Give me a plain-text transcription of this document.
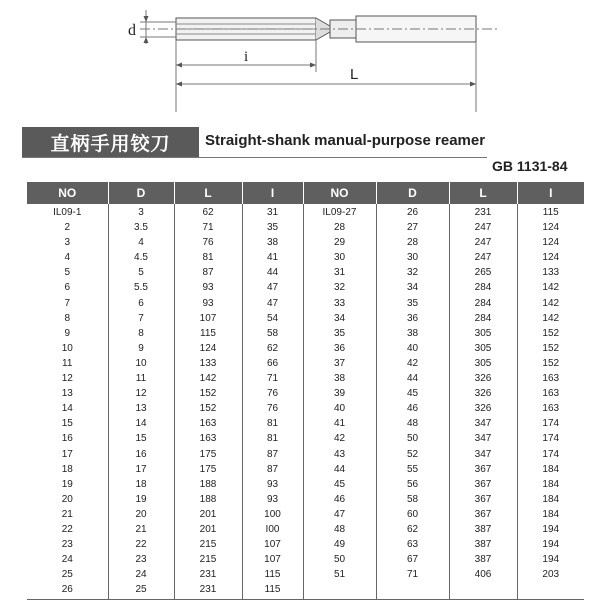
d
i
L
直柄手用铰刀	Straight-shank manual-purpose reamer
GB 1131-84
NO	D	L	I	NO	D	L	I
IL09-1	3	62	31	IL09-27	26	231	115
2	3.5	71	35	28	27	247	124
3	4	76	38	29	28	247	124
4	4.5	81	41	30	30	247	124
5	5	87	44	31	32	265	133
6	5.5	93	47	32	34	284	142
7	6	93	47	33	35	284	142
8	7	107	54	34	36	284	142
9	8	115	58	35	38	305	152
10	9	124	62	36	40	305	152
11	10	133	66	37	42	305	152
12	11	142	71	38	44	326	163
13	12	152	76	39	45	326	163
14	13	152	76	40	46	326	163
15	14	163	81	41	48	347	174
16	15	163	81	42	50	347	174
17	16	175	87	43	52	347	174
18	17	175	87	44	55	367	184
19	18	188	93	45	56	367	184
20	19	188	93	46	58	367	184
21	20	201	100	47	60	367	184
22	21	201	I00	48	62	387	194
23	22	215	107	49	63	387	194
24	23	215	107	50	67	387	194
25	24	231	115	51	71	406	203
26	25	231	115				
